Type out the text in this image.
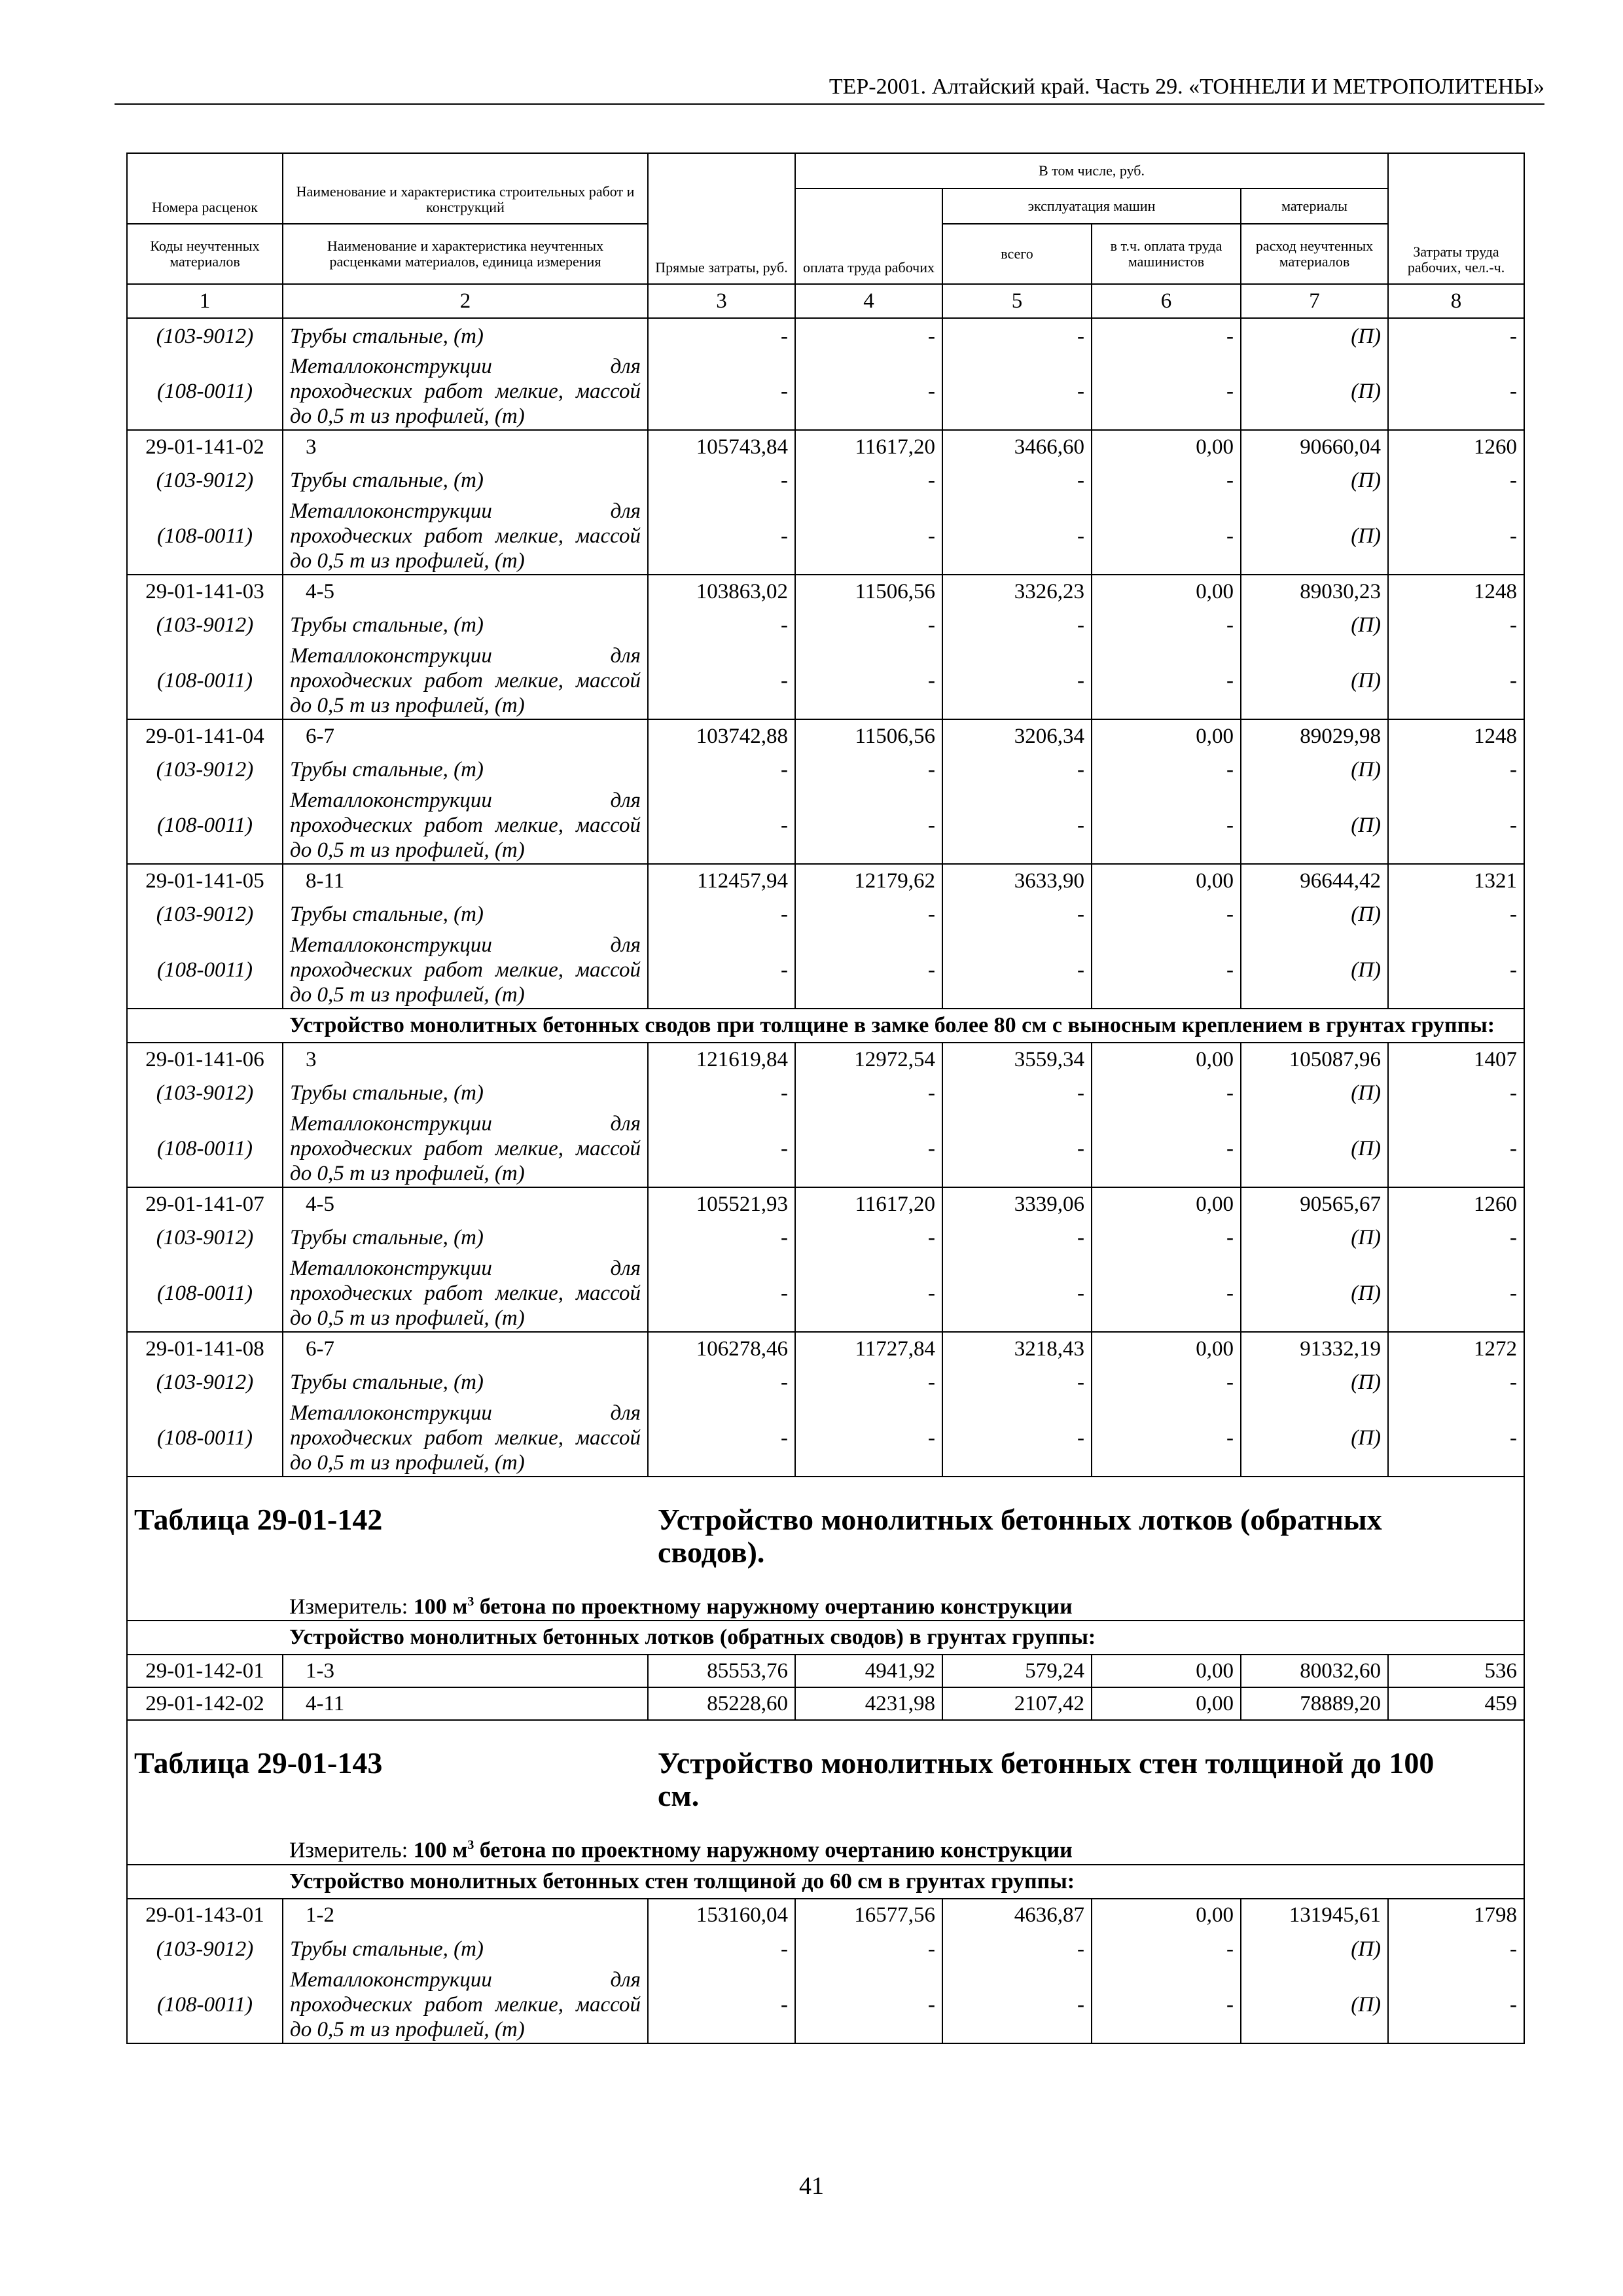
ТЕР-2001. Алтайский край. Часть 29. «ТОННЕЛИ И МЕТРОПОЛИТЕНЫ»
Номера расценок	Наименование и характеристика строительных работ и конструкций	Прямые затраты, руб.	В том числе, руб.				Затраты труда рабочих, чел.-ч.
			оплата труда рабочих	эксплуатация машин		материалы	
Коды неучтенных материалов	Наименование и характеристика неучтенных расценками материалов, единица измерения			всего	в т.ч. оплата труда машинистов	расход неучтенных материалов	
1	2	3	4	5	6	7	8
(103-9012)	Трубы стальные, (т)	-	-	-	-	(П)	-
(108-0011)	Металлоконструкции для проходческих работ мелкие, массой до 0,5 т из профилей, (т)	-	-	-	-	(П)	-
29-01-141-02	3	105743,84	11617,20	3466,60	0,00	90660,04	1260
(103-9012)	Трубы стальные, (т)	-	-	-	-	(П)	-
(108-0011)	Металлоконструкции для проходческих работ мелкие, массой до 0,5 т из профилей, (т)	-	-	-	-	(П)	-
29-01-141-03	4-5	103863,02	11506,56	3326,23	0,00	89030,23	1248
(103-9012)	Трубы стальные, (т)	-	-	-	-	(П)	-
(108-0011)	Металлоконструкции для проходческих работ мелкие, массой до 0,5 т из профилей, (т)	-	-	-	-	(П)	-
29-01-141-04	6-7	103742,88	11506,56	3206,34	0,00	89029,98	1248
(103-9012)	Трубы стальные, (т)	-	-	-	-	(П)	-
(108-0011)	Металлоконструкции для проходческих работ мелкие, массой до 0,5 т из профилей, (т)	-	-	-	-	(П)	-
29-01-141-05	8-11	112457,94	12179,62	3633,90	0,00	96644,42	1321
(103-9012)	Трубы стальные, (т)	-	-	-	-	(П)	-
(108-0011)	Металлоконструкции для проходческих работ мелкие, массой до 0,5 т из профилей, (т)	-	-	-	-	(П)	-
	Устройство монолитных бетонных сводов при толщине в замке более 80 см с выносным креплением в грунтах группы:						
29-01-141-06	3	121619,84	12972,54	3559,34	0,00	105087,96	1407
(103-9012)	Трубы стальные, (т)	-	-	-	-	(П)	-
(108-0011)	Металлоконструкции для проходческих работ мелкие, массой до 0,5 т из профилей, (т)	-	-	-	-	(П)	-
29-01-141-07	4-5	105521,93	11617,20	3339,06	0,00	90565,67	1260
(103-9012)	Трубы стальные, (т)	-	-	-	-	(П)	-
(108-0011)	Металлоконструкции для проходческих работ мелкие, массой до 0,5 т из профилей, (т)	-	-	-	-	(П)	-
29-01-141-08	6-7	106278,46	11727,84	3218,43	0,00	91332,19	1272
(103-9012)	Трубы стальные, (т)	-	-	-	-	(П)	-
(108-0011)	Металлоконструкции для проходческих работ мелкие, массой до 0,5 т из профилей, (т)	-	-	-	-	(П)	-
Таблица 29-01-142 Устройство монолитных бетонных лотков (обратных сводов).							

	Измеритель: 100 $м^3$ бетона по проектному наружному очертанию конструкции						
	Устройство монолитных бетонных лотков (обратных сводов) в грунтах группы:						
29-01-142-01	1-3	85553,76	4941,92	579,24	0,00	80032,60	536
29-01-142-02	4-11	85228,60	4231,98	2107,42	0,00	78889,20	459
Таблица 29-01-143 Устройство монолитных бетонных стен толщиной до 100 см.							

	Измеритель: 100 $м^3$ бетона по проектному наружному очертанию конструкции						
	Устройство монолитных бетонных стен толщиной до 60 см в грунтах группы:						
29-01-143-01	1-2	153160,04	16577,56	4636,87	0,00	131945,61	1798
(103-9012)	Трубы стальные, (т)	-	-	-	-	(П)	-
(108-0011)	Металлоконструкции для проходческих работ мелкие, массой до 0,5 т из профилей, (т)	-	-	-	-	(П)	-
41
